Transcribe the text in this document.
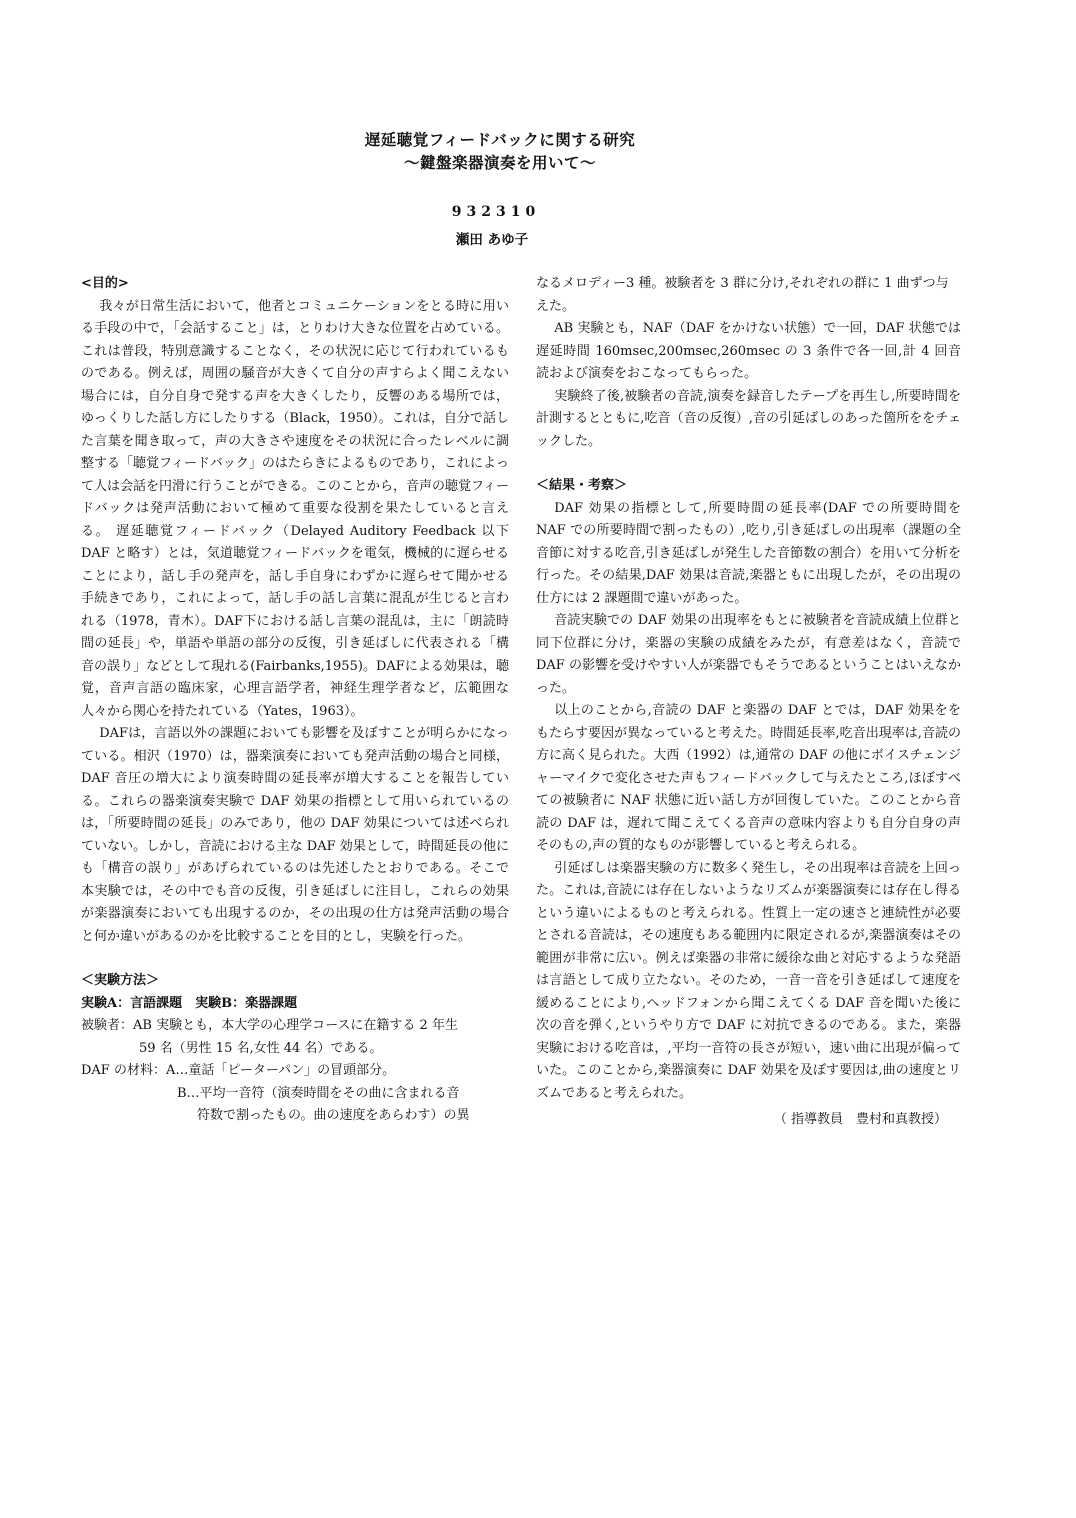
遅延聴覚フィードバックに関する研究
〜鍵盤楽器演奏を用いて〜
932310
瀬田 あゆ子
<目的>

我々が日常生活において，他者とコミュニケーションをとる時に用いる手段の中で，「会話すること」は，とりわけ大きな位置を占めている。これは普段，特別意識することなく，その状況に応じて行われているものである。例えば，周囲の騒音が大きくて自分の声すらよく聞こえない場合には，自分自身で発する声を大きくしたり，反響のある場所では，ゆっくりした話し方にしたりする（Black，1950）。これは，自分で話した言葉を聞き取って，声の大きさや速度をその状況に合ったレベルに調整する「聴覚フィードバック」のはたらきによるものであり，これによって人は会話を円滑に行うことができる。このことから，音声の聴覚フィードバックは発声活動において極めて重要な役割を果たしていると言える。 遅延聴覚フィードバック（Delayed Auditory Feedback 以下 DAF と略す）とは，気道聴覚フィードバックを電気，機械的に遅らせることにより，話し手の発声を，話し手自身にわずかに遅らせて聞かせる手続きであり，これによって，話し手の話し言葉に混乱が生じると言われる（1978，青木）。DAF下における話し言葉の混乱は，主に「朗読時間の延長」や，単語や単語の部分の反復，引き延ばしに代表される「構音の誤り」などとして現れる(Fairbanks,1955)。DAFによる効果は，聴覚，音声言語の臨床家，心理言語学者，神経生理学者など，広範囲な人々から関心を持たれている（Yates，1963）。

DAFは，言語以外の課題においても影響を及ぼすことが明らかになっている。相沢（1970）は，器楽演奏においても発声活動の場合と同様，DAF 音圧の増大により演奏時間の延長率が増大することを報告している。これらの器楽演奏実験で DAF 効果の指標として用いられているのは，「所要時間の延長」のみであり，他の DAF 効果については述べられていない。しかし，音読における主な DAF 効果として，時間延長の他にも「構音の誤り」があげられているのは先述したとおりである。そこで本実験では，その中でも音の反復，引き延ばしに注目し，これらの効果が楽器演奏においても出現するのか，その出現の仕方は発声活動の場合と何か違いがあるのかを比較することを目的とし，実験を行った。

＜実験方法＞
実験A：言語課題　実験B：楽器課題
被験者：AB 実験とも，本大学の心理学コースに在籍する 2 年生
59 名（男性 15 名,女性 44 名）である。
DAF の材料：A…童話「ピーターパン」の冒頭部分。
B…平均一音符（演奏時間をその曲に含まれる音
符数で割ったもの。曲の速度をあらわす）の異
なるメロディー3 種。被験者を 3 群に分け,それぞれの群に 1 曲ずつ与えた。

AB 実験とも，NAF（DAF をかけない状態）で一回，DAF 状態では遅延時間 160msec,200msec,260msec の 3 条件で各一回,計 4 回音読および演奏をおこなってもらった。

実験終了後,被験者の音読,演奏を録音したテープを再生し,所要時間を計測するとともに,吃音（音の反復）,音の引延ばしのあった箇所ををチェックした。

＜結果・考察＞

DAF 効果の指標として,所要時間の延長率(DAF での所要時間を NAF での所要時間で割ったもの）,吃り,引き延ばしの出現率（課題の全音節に対する吃音,引き延ばしが発生した音節数の割合）を用いて分析を行った。その結果,DAF 効果は音読,楽器ともに出現したが，その出現の仕方には 2 課題間で違いがあった。

音読実験での DAF 効果の出現率をもとに被験者を音読成績上位群と同下位群に分け，楽器の実験の成績をみたが，有意差はなく，音読で DAF の影響を受けやすい人が楽器でもそうであるということはいえなかった。

以上のことから,音読の DAF と楽器の DAF とでは，DAF 効果ををもたらす要因が異なっていると考えた。時間延長率,吃音出現率は,音読の方に高く見られた。大西（1992）は,通常の DAF の他にボイスチェンジャーマイクで変化させた声もフィードバックして与えたところ,ほぼすべての被験者に NAF 状態に近い話し方が回復していた。このことから音読の DAF は，遅れて聞こえてくる音声の意味内容よりも自分自身の声そのもの,声の質的なものが影響していると考えられる。

引延ばしは楽器実験の方に数多く発生し，その出現率は音読を上回った。これは,音読には存在しないようなリズムが楽器演奏には存在し得るという違いによるものと考えられる。性質上一定の速さと連続性が必要とされる音読は，その速度もある範囲内に限定されるが,楽器演奏はその範囲が非常に広い。例えば楽器の非常に緩徐な曲と対応するような発語は言語として成り立たない。そのため，一音一音を引き延ばして速度を緩めることにより,ヘッドフォンから聞こえてくる DAF 音を聞いた後に次の音を弾く,というやり方で DAF に対抗できるのである。また，楽器実験における吃音は，,平均一音符の長さが短い，速い曲に出現が偏っていた。このことから,楽器演奏に DAF 効果を及ぼす要因は,曲の速度とリズムであると考えられた。

（ 指導教員　豊村和真教授）
